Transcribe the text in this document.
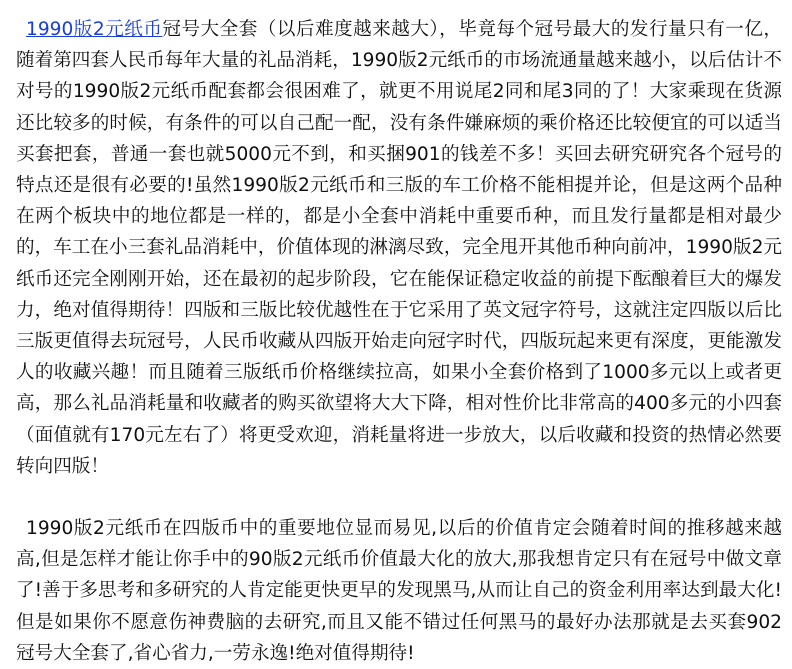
1990版2元纸币冠号大全套（以后难度越来越大），毕竟每个冠号最大的发行量只有一亿，随着第四套人民币每年大量的礼品消耗，1990版2元纸币的市场流通量越来越小，以后估计不对号的1990版2元纸币配套都会很困难了，就更不用说尾2同和尾3同的了！大家乘现在货源还比较多的时候，有条件的可以自己配一配，没有条件嫌麻烦的乘价格还比较便宜的可以适当买套把套，普通一套也就5000元不到，和买捆901的钱差不多！买回去研究研究各个冠号的特点还是很有必要的!虽然1990版2元纸币和三版的车工价格不能相提并论，但是这两个品种在两个板块中的地位都是一样的，都是小全套中消耗中重要币种，而且发行量都是相对最少的，车工在小三套礼品消耗中，价值体现的淋漓尽致，完全甩开其他币种向前冲，1990版2元纸币还完全刚刚开始，还在最初的起步阶段，它在能保证稳定收益的前提下酝酿着巨大的爆发力，绝对值得期待！四版和三版比较优越性在于它采用了英文冠字符号，这就注定四版以后比三版更值得去玩冠号，人民币收藏从四版开始走向冠字时代，四版玩起来更有深度，更能激发人的收藏兴趣！而且随着三版纸币价格继续拉高，如果小全套价格到了1000多元以上或者更高，那么礼品消耗量和收藏者的购买欲望将大大下降，相对性价比非常高的400多元的小四套（面值就有170元左右了）将更受欢迎，消耗量将进一步放大，以后收藏和投资的热情必然要转向四版！

1990版2元纸币在四版币中的重要地位显而易见,以后的价值肯定会随着时间的推移越来越高,但是怎样才能让你手中的90版2元纸币价值最大化的放大,那我想肯定只有在冠号中做文章了!善于多思考和多研究的人肯定能更快更早的发现黑马,从而让自己的资金利用率达到最大化!但是如果你不愿意伤神费脑的去研究,而且又能不错过任何黑马的最好办法那就是去买套902冠号大全套了,省心省力,一劳永逸!绝对值得期待!
